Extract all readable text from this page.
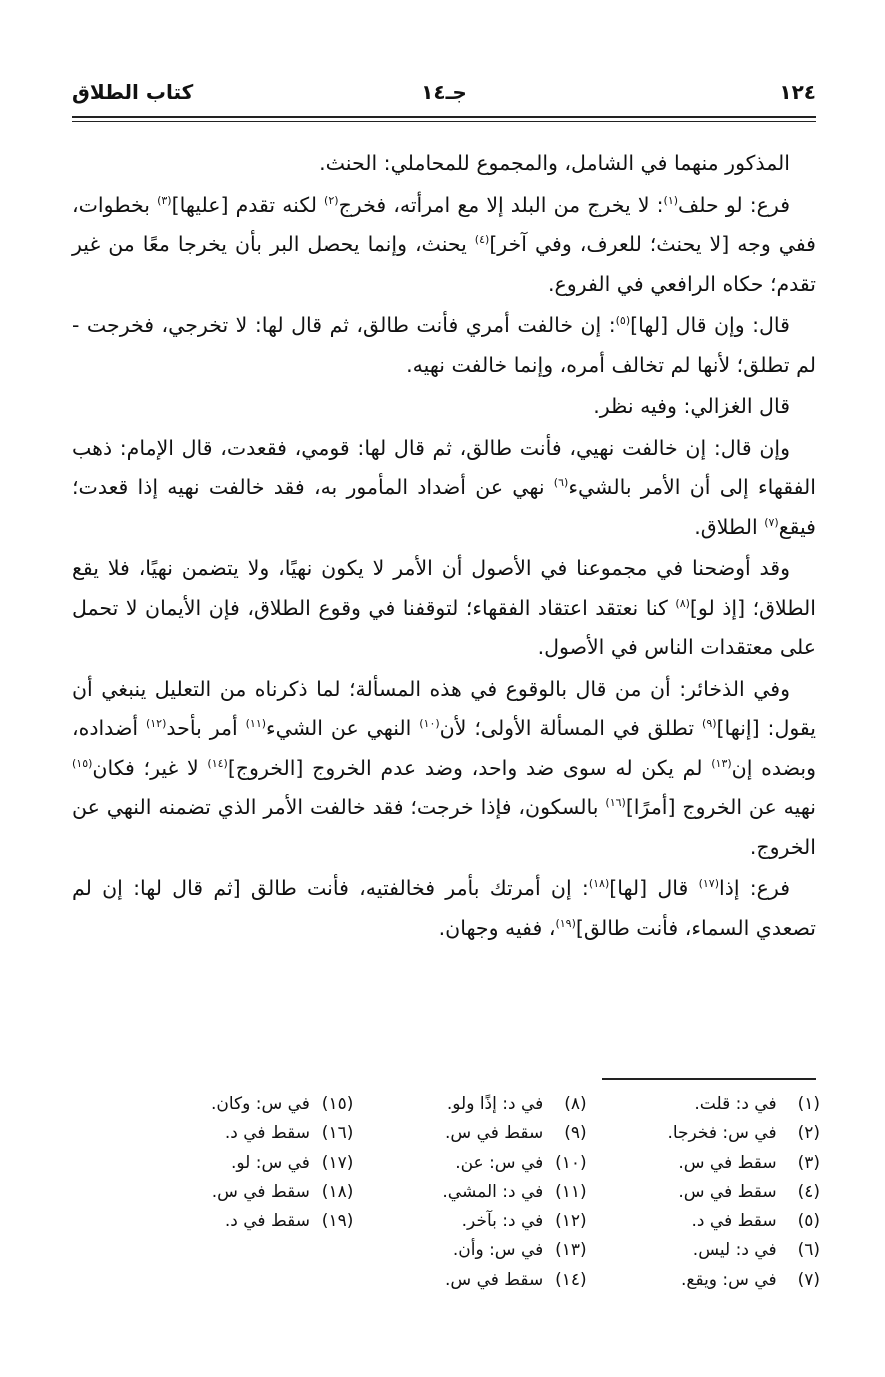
١٢٤
جـ١٤
كتاب الطلاق

المذكور منهما في الشامل، والمجموع للمحاملي: الحنث.

فرع: لو حلف$^{(١)}$: لا يخرج من البلد إلا مع امرأته، فخرج$^{(٢)}$ لكنه تقدم [عليها]$^{(٣)}$ بخطوات، ففي وجه [لا يحنث؛ للعرف، وفي آخر]$^{(٤)}$ يحنث، وإنما يحصل البر بأن يخرجا معًا من غير تقدم؛ حكاه الرافعي في الفروع.

قال: وإن قال [لها]$^{(٥)}$: إن خالفت أمري فأنت طالق، ثم قال لها: لا تخرجي، فخرجت - لم تطلق؛ لأنها لم تخالف أمره، وإنما خالفت نهيه.

قال الغزالي: وفيه نظر.

وإن قال: إن خالفت نهيي، فأنت طالق، ثم قال لها: قومي، فقعدت، قال الإمام: ذهب الفقهاء إلى أن الأمر بالشيء$^{(٦)}$ نهي عن أضداد المأمور به، فقد خالفت نهيه إذا قعدت؛ فيقع$^{(٧)}$ الطلاق.

وقد أوضحنا في مجموعنا في الأصول أن الأمر لا يكون نهيًا، ولا يتضمن نهيًا، فلا يقع الطلاق؛ [إذ لو]$^{(٨)}$ كنا نعتقد اعتقاد الفقهاء؛ لتوقفنا في وقوع الطلاق، فإن الأيمان لا تحمل على معتقدات الناس في الأصول.

وفي الذخائر: أن من قال بالوقوع في هذه المسألة؛ لما ذكرناه من التعليل ينبغي أن يقول: [إنها]$^{(٩)}$ تطلق في المسألة الأولى؛ لأن$^{(١٠)}$ النهي عن الشيء$^{(١١)}$ أمر بأحد$^{(١٢)}$ أضداده، وبضده إن$^{(١٣)}$ لم يكن له سوى ضد واحد، وضد عدم الخروج [الخروج]$^{(١٤)}$ لا غير؛ فكان$^{(١٥)}$ نهيه عن الخروج [أمرًا]$^{(١٦)}$ بالسكون، فإذا خرجت؛ فقد خالفت الأمر الذي تضمنه النهي عن الخروج.

فرع: إذا$^{(١٧)}$ قال [لها]$^{(١٨)}$: إن أمرتك بأمر فخالفتيه، فأنت طالق [ثم قال لها: إن لم تصعدي السماء، فأنت طالق]$^{(١٩)}$، ففيه وجهان.

(١) في د: قلت.
(٢) في س: فخرجا.
(٣) سقط في س.
(٤) سقط في س.
(٥) سقط في د.
(٦) في د: ليس.
(٧) في س: ويقع.
(٨) في د: إذًا ولو.
(٩) سقط في س.
(١٠) في س: عن.
(١١) في د: المشي.
(١٢) في د: بآخر.
(١٣) في س: وأن.
(١٤) سقط في س.
(١٥) في س: وكان.
(١٦) سقط في د.
(١٧) في س: لو.
(١٨) سقط في س.
(١٩) سقط في د.
